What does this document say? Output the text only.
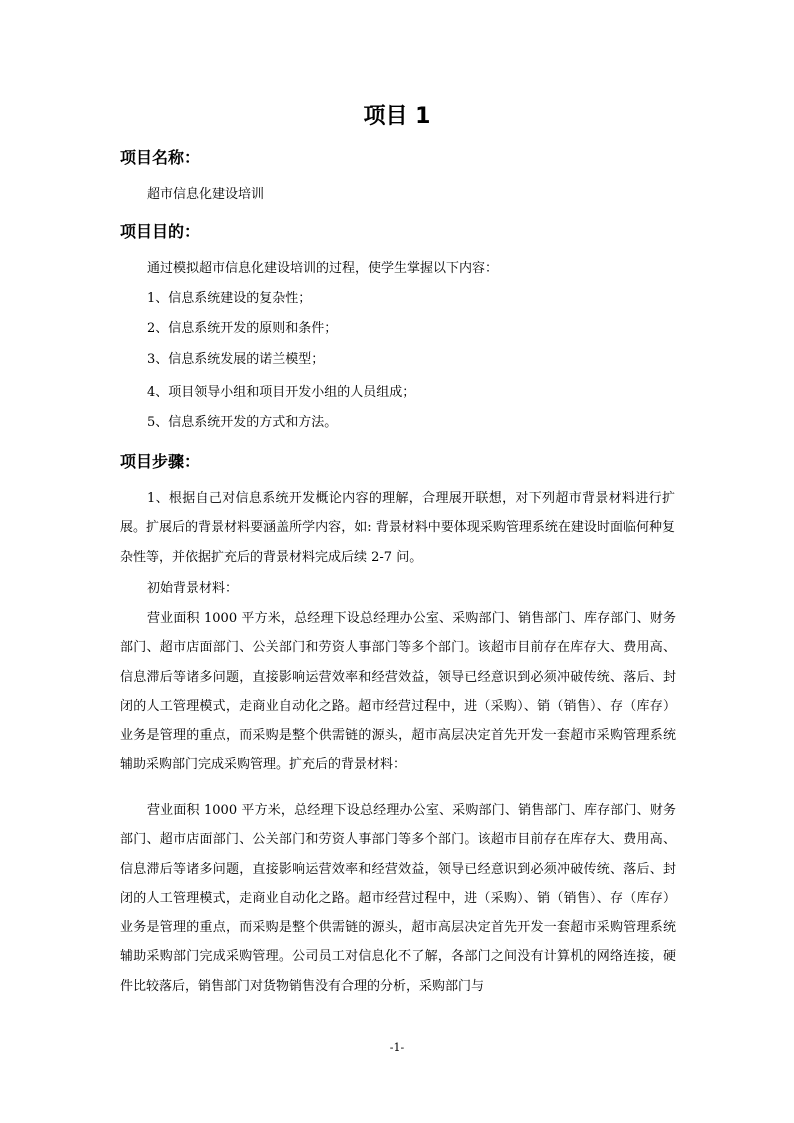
项目 1
项目名称：

超市信息化建设培训

项目目的：

通过模拟超市信息化建设培训的过程，使学生掌握以下内容：

1、信息系统建设的复杂性；

2、信息系统开发的原则和条件；

3、信息系统发展的诺兰模型；

4、项目领导小组和项目开发小组的人员组成；

5、信息系统开发的方式和方法。

项目步骤：

1、根据自己对信息系统开发概论内容的理解，合理展开联想，对下列超市背景材料进行扩展。扩展后的背景材料要涵盖所学内容，如: 背景材料中要体现采购管理系统在建设时面临何种复杂性等，并依据扩充后的背景材料完成后续 2-7 问。

初始背景材料：

营业面积 1000 平方米，总经理下设总经理办公室、采购部门、销售部门、库存部门、财务部门、超市店面部门、公关部门和劳资人事部门等多个部门。该超市目前存在库存大、费用高、信息滞后等诸多问题，直接影响运营效率和经营效益，领导已经意识到必须冲破传统、落后、封闭的人工管理模式，走商业自动化之路。超市经营过程中，进（采购）、销（销售）、存（库存）业务是管理的重点，而采购是整个供需链的源头，超市高层决定首先开发一套超市采购管理系统辅助采购部门完成采购管理。扩充后的背景材料：

营业面积 1000 平方米，总经理下设总经理办公室、采购部门、销售部门、库存部门、财务部门、超市店面部门、公关部门和劳资人事部门等多个部门。该超市目前存在库存大、费用高、信息滞后等诸多问题，直接影响运营效率和经营效益，领导已经意识到必须冲破传统、落后、封闭的人工管理模式，走商业自动化之路。超市经营过程中，进（采购）、销（销售）、存（库存）业务是管理的重点，而采购是整个供需链的源头，超市高层决定首先开发一套超市采购管理系统辅助采购部门完成采购管理。公司员工对信息化不了解，各部门之间没有计算机的网络连接，硬件比较落后，销售部门对货物销售没有合理的分析，采购部门与

-1-
